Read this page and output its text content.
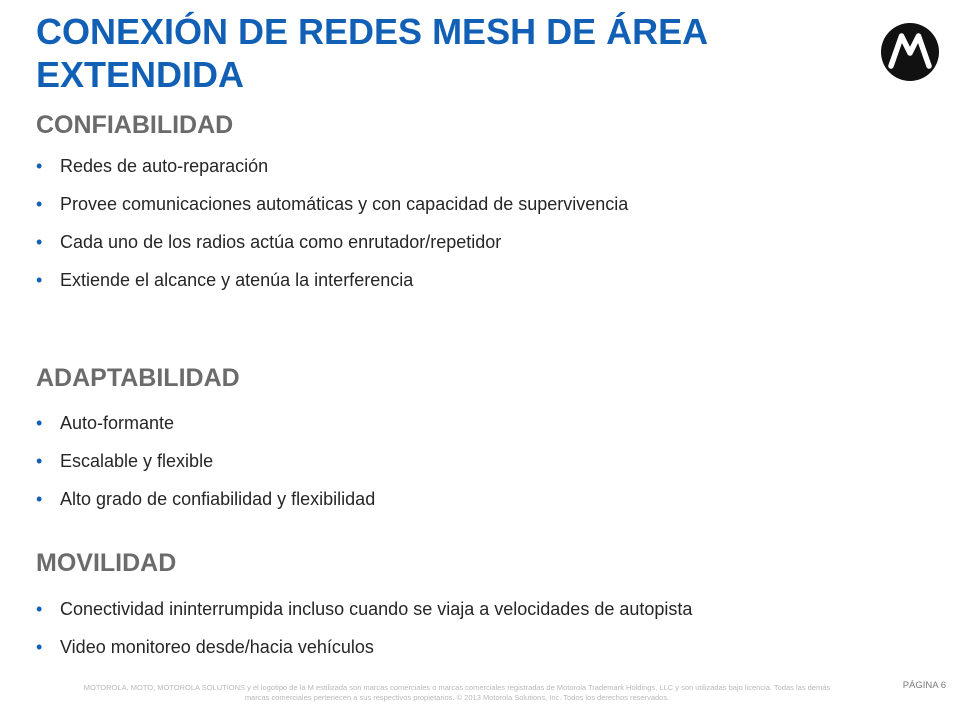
CONEXIÓN DE REDES MESH DE ÁREA
EXTENDIDA
CONFIABILIDAD
• Redes de auto-reparación
• Provee comunicaciones automáticas y con capacidad de supervivencia
• Cada uno de los radios actúa como enrutador/repetidor
• Extiende el alcance y atenúa la interferencia
ADAPTABILIDAD
• Auto-formante
• Escalable y flexible
• Alto grado de confiabilidad y flexibilidad
MOVILIDAD
• Conectividad ininterrumpida incluso cuando se viaja a velocidades de autopista
• Video monitoreo desde/hacia vehículos
MOTOROLA, MOTO, MOTOROLA SOLUTIONS y el logotipo de la M estilizada son marcas comerciales o marcas comerciales registradas de Motorola Trademark Holdings, LLC y son utilizadas bajo licencia. Todas las demás marcas comerciales pertenecen a sus respectivos propietarios. © 2013 Motorola Solutions, Inc. Todos los derechos reservados.
PÁGINA 6
